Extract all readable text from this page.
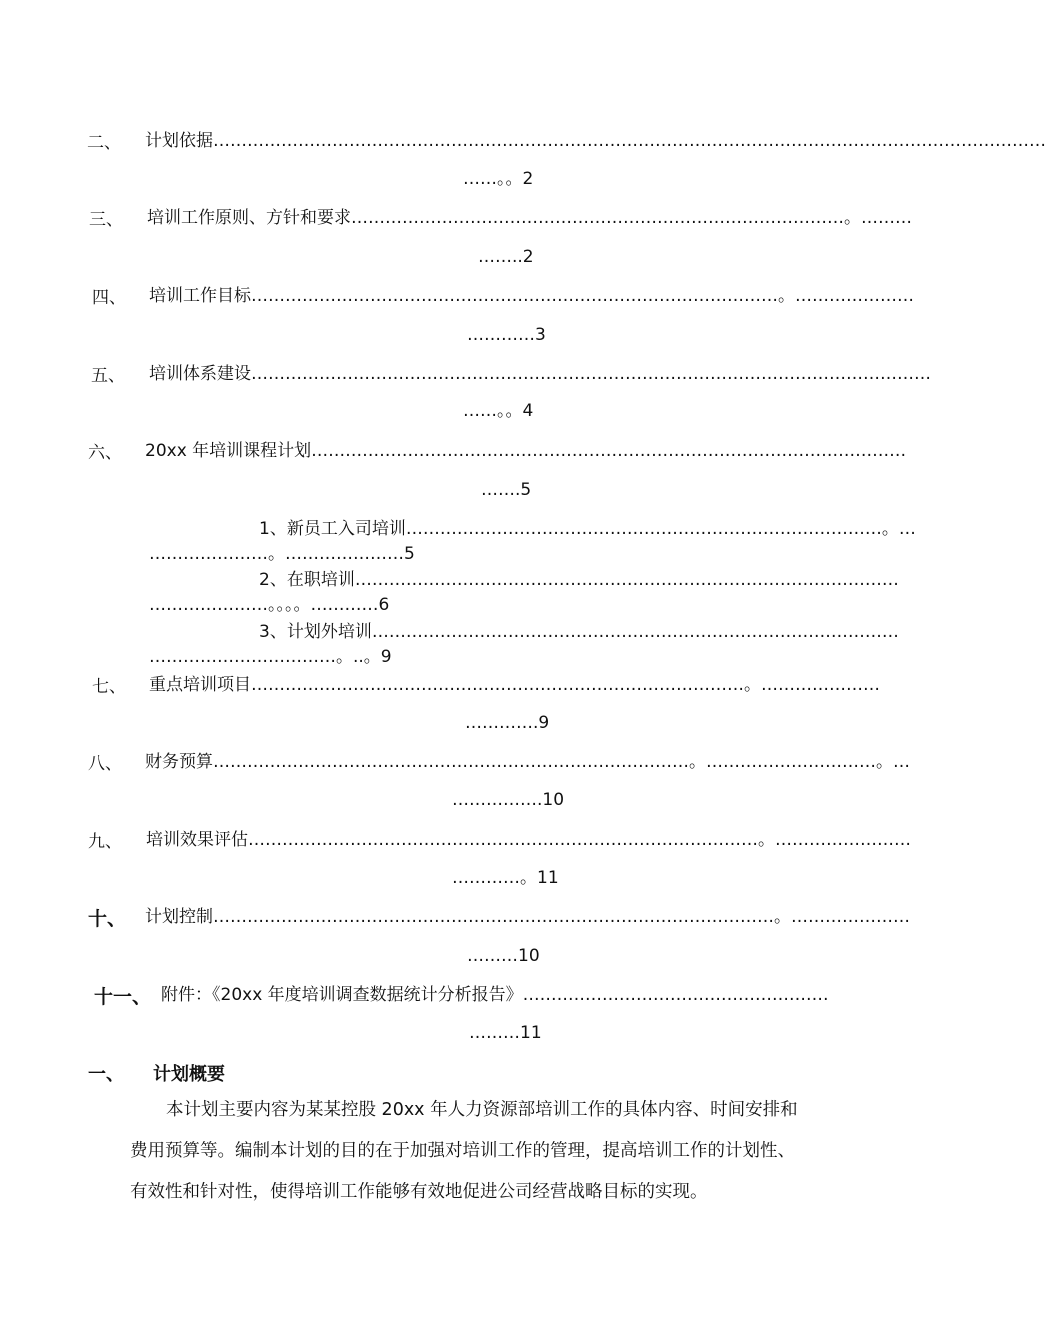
二、 计划依据 …………………………………………………………………………………………………………………………………
……。。2
三、 培训工作原则、方针和要求 ……………………………………………………………………………。………
……..2
四、 培训工作目标 …………………………………………………………………………………。…………………
…………3
五、 培训体系建设 …………………………………………………………………………………………………………
……。。4
六、 20xx 年培训课程计划 ……………………………………………………………………………………………
…….5
1、新员工入司培训 …………………………………………………………………………。…
…………………。…………………5
2、在职培训 ……………………………………………………………………………………
…………………。。。。…………6
3、计划外培训 …………………………………………………………………………………
……………………………。..。9
七、 重点培训项目 ……………………………………………………………………………。…………………
………….9
八、 财务预算 …………………………………………………………………………。…………………………。…
…………….10
九、 培训效果评估 ………………………………………………………………………………。……………………
…………。11
十、 计划控制 ………………………………………………………………………………………。…………………
………10
十一、 附件：《20xx 年度培训调查数据统计分析报告》 ………………………………………………
………11
一、 计划概要
本计划主要内容为某某控股 20xx 年人力资源部培训工作的具体内容、时间安排和
费用预算等。编制本计划的目的在于加强对培训工作的管理，提高培训工作的计划性、
有效性和针对性，使得培训工作能够有效地促进公司经营战略目标的实现。
